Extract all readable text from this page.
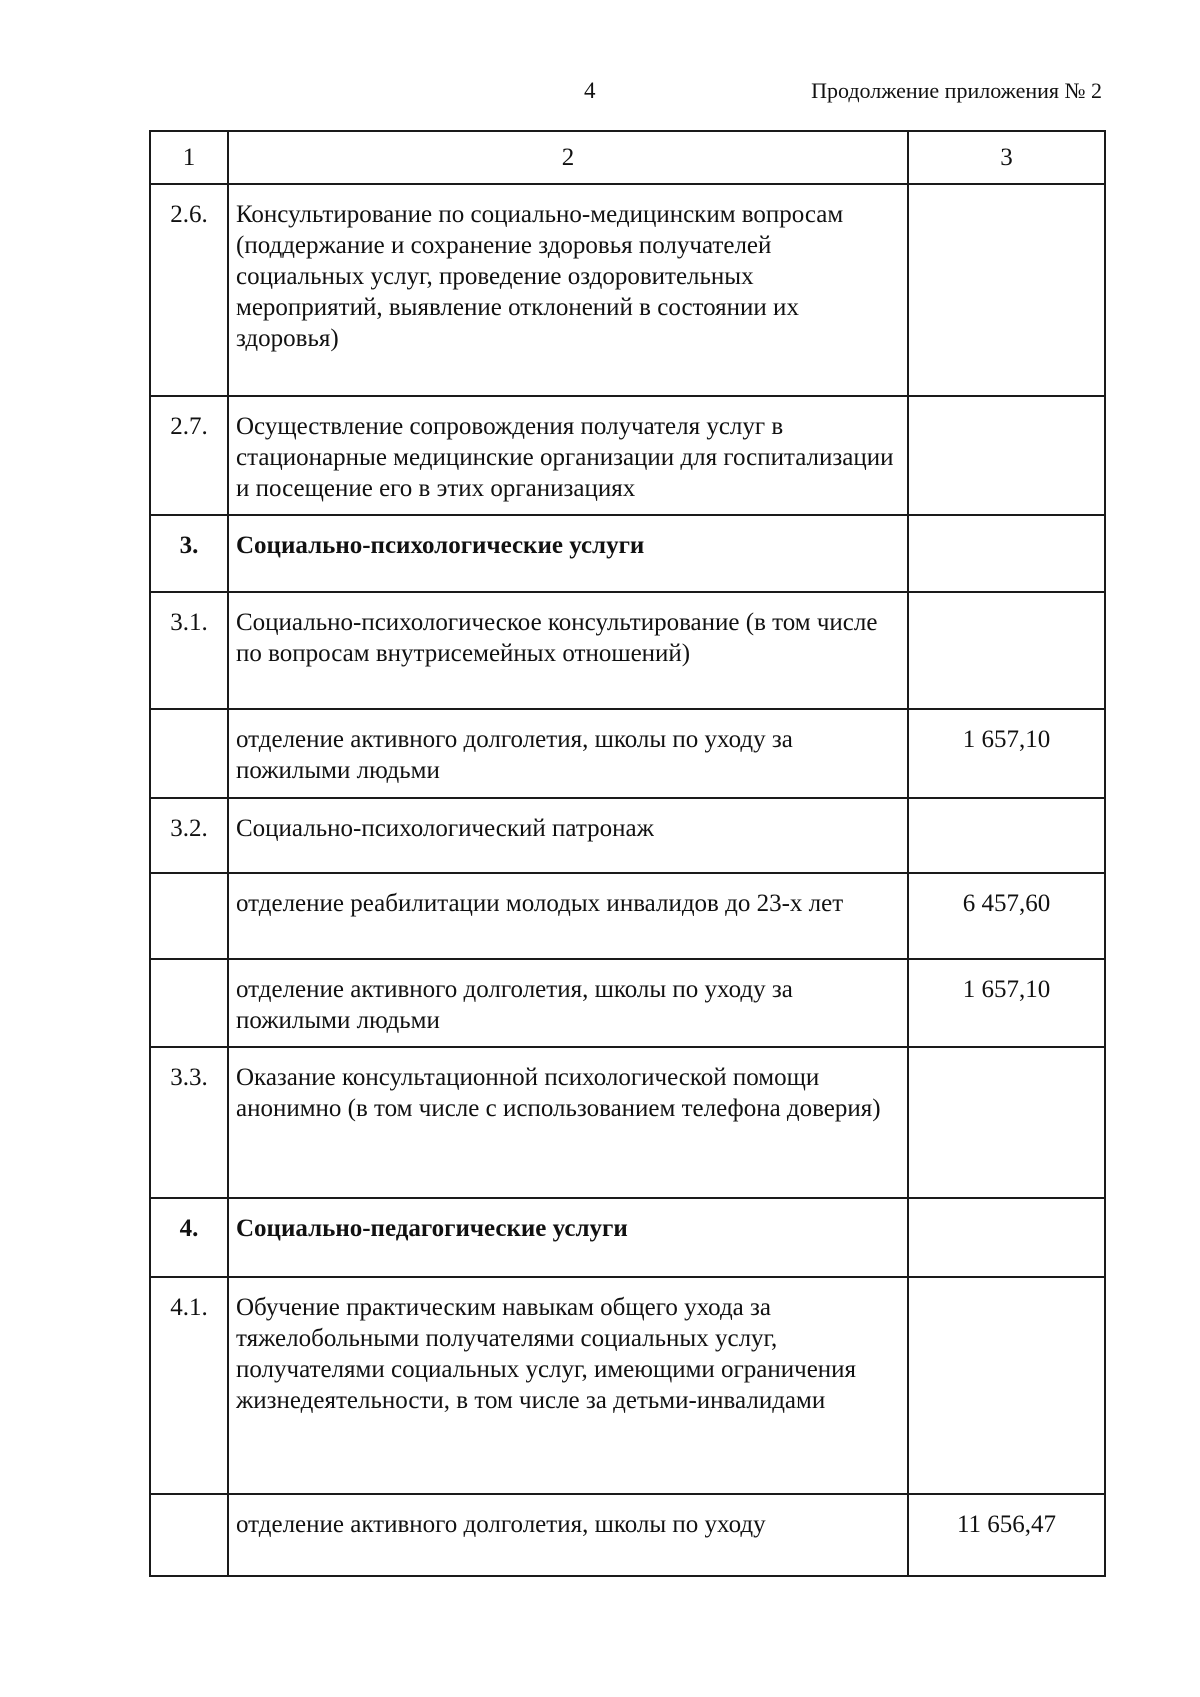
4	Продолжение приложения № 2
1	2	3
2.6.	Консультирование по социально-медицинским вопросам (поддержание и сохранение здоровья получателей социальных услуг, проведение оздоровительных мероприятий, выявление отклонений в состоянии их здоровья)	
2.7.	Осуществление сопровождения получателя услуг в стационарные медицинские организации для госпитализации и посещение его в этих организациях	
3.	Социально-психологические услуги	
3.1.	Социально-психологическое консультирование (в том числе по вопросам внутрисемейных отношений)	
	отделение активного долголетия, школы по уходу за пожилыми людьми	1 657,10
3.2.	Социально-психологический патронаж	
	отделение реабилитации молодых инвалидов до 23-х лет	6 457,60
	отделение активного долголетия, школы по уходу за пожилыми людьми	1 657,10
3.3.	Оказание консультационной психологической помощи анонимно (в том числе с использованием телефона доверия)	
4.	Социально-педагогические услуги	
4.1.	Обучение практическим навыкам общего ухода за тяжелобольными получателями социальных услуг, получателями социальных услуг, имеющими ограничения жизнедеятельности, в том числе за детьми-инвалидами	
	отделение активного долголетия, школы по уходу	11 656,47
